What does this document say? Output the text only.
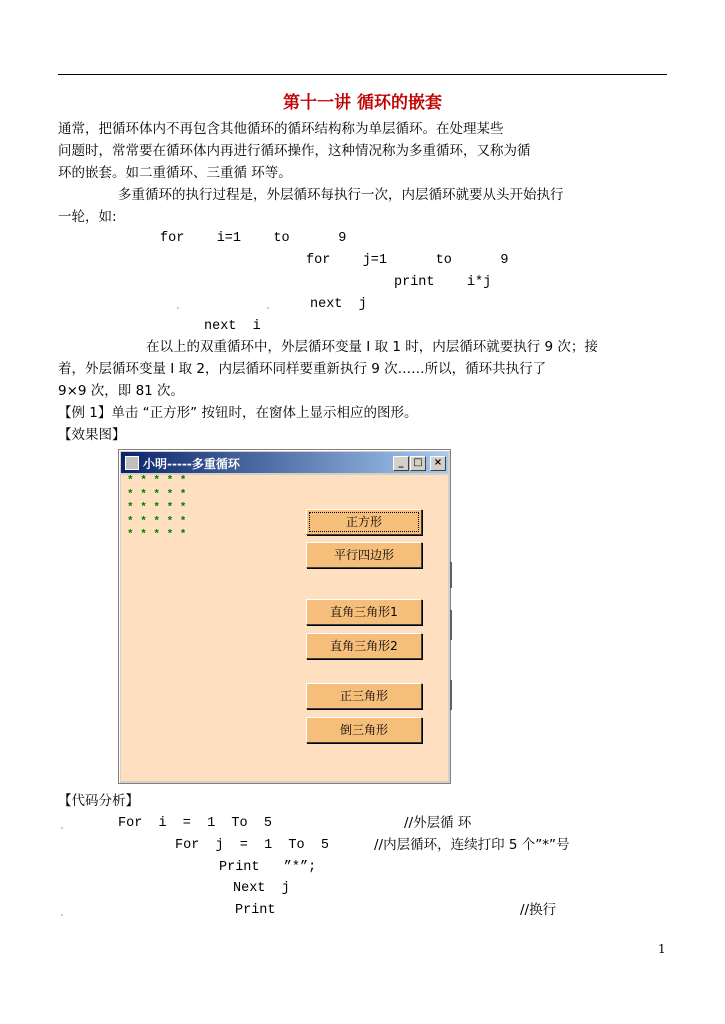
第十一讲 循环的嵌套
通常，把循环体内不再包含其他循环的循环结构称为单层循环。在处理某些
问题时，常常要在循环体内再进行循环操作，这种情况称为多重循环，又称为循
环的嵌套。如二重循环、三重循 环等。
多重循环的执行过程是，外层循环每执行一次，内层循环就要从头开始执行
一轮，如:
for    i=1    to      9
for    j=1      to      9
print    i*j
.	.	next  j
next  i
在以上的双重循环中，外层循环变量 I 取 1 时，内层循环就要执行 9 次；接
着，外层循环变量 I 取 2，内层循环同样要重新执行 9 次……所以，循环共执行了
9×9 次，即 81 次。
【例 1】单击 “正方形” 按钮时，在窗体上显示相应的图形。
【效果图】
小明-----多重循环	_ □	×
* * * * *
* * * * *
* * * * *
* * * * *
* * * * *
正方形
平行四边形
直角三角形1
直角三角形2
正三角形
倒三角形
【代码分析】
.	For  i  =  1  To  5	//外层循 环
For  j  =  1  To  5	//内层循环，连续打印 5 个”*”号
Print   ”*”;
Next  j
.	Print	//换行
1
